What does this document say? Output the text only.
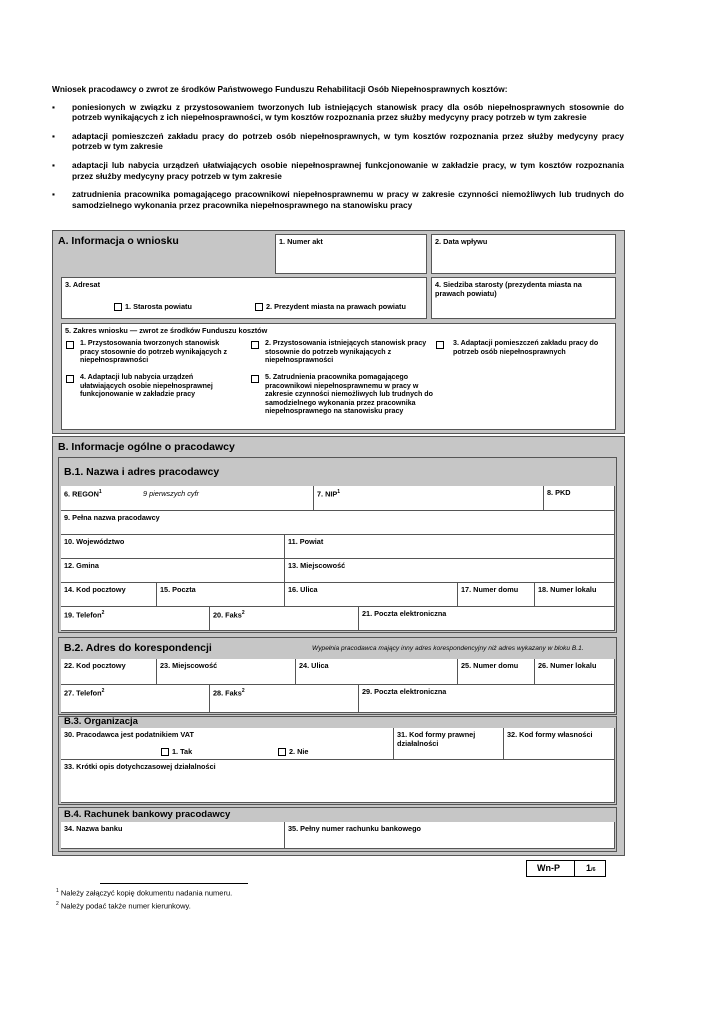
Wniosek pracodawcy o zwrot ze środków Państwowego Funduszu Rehabilitacji Osób Niepełnosprawnych kosztów:
▪ poniesionych w związku z przystosowaniem tworzonych lub istniejących stanowisk pracy dla osób niepełnosprawnych stosownie do potrzeb wynikających z ich niepełnosprawności, w tym kosztów rozpoznania przez służby medycyny pracy potrzeb w tym zakresie
▪ adaptacji pomieszczeń zakładu pracy do potrzeb osób niepełnosprawnych, w tym kosztów rozpoznania przez służby medycyny pracy potrzeb w tym zakresie
▪ adaptacji lub nabycia urządzeń ułatwiających osobie niepełnosprawnej funkcjonowanie w zakładzie pracy, w tym kosztów rozpoznania przez służby medycyny pracy potrzeb w tym zakresie
▪ zatrudnienia pracownika pomagającego pracownikowi niepełnosprawnemu w pracy w zakresie czynności niemożliwych lub trudnych do samodzielnego wykonania przez pracownika niepełnosprawnego na stanowisku pracy
A. Informacja o wniosku	1. Numer akt	2. Data wpływu
3. Adresat
1. Starosta powiatu	2. Prezydent miasta na prawach powiatu
4. Siedziba starosty (prezydenta miasta na prawach powiatu)
5. Zakres wniosku — zwrot ze środków Funduszu kosztów
1. Przystosowania tworzonych stanowisk pracy stosownie do potrzeb wynikających z niepełnosprawności
2. Przystosowania istniejących stanowisk pracy stosownie do potrzeb wynikających z niepełnosprawności
3. Adaptacji pomieszczeń zakładu pracy do potrzeb osób niepełnosprawnych
4. Adaptacji lub nabycia urządzeń ułatwiających osobie niepełnosprawnej funkcjonowanie w zakładzie pracy
5. Zatrudnienia pracownika pomagającego pracownikowi niepełnosprawnemu w pracy w zakresie czynności niemożliwych lub trudnych do samodzielnego wykonania przez pracownika niepełnosprawnego na stanowisku pracy
B. Informacje ogólne o pracodawcy
B.1. Nazwa i adres pracodawcy
6. REGON$^1$	9 pierwszych cyfr	7. NIP$^1$	8. PKD
9. Pełna nazwa pracodawcy
10. Województwo	11. Powiat
12. Gmina	13. Miejscowość
14. Kod pocztowy	15. Poczta	16. Ulica	17. Numer domu	18. Numer lokalu
19. Telefon$^2$	20. Faks$^2$	21. Poczta elektroniczna
B.2. Adres do korespondencji	Wypełnia pracodawca mający inny adres korespondencyjny niż adres wykazany w bloku B.1.
22. Kod pocztowy	23. Miejscowość	24. Ulica	25. Numer domu	26. Numer lokalu
27. Telefon$^2$	28. Faks$^2$	29. Poczta elektroniczna
B.3. Organizacja
30. Pracodawca jest podatnikiem VAT
1. Tak	2. Nie
31. Kod formy prawnej działalności
32. Kod formy własności
33. Krótki opis dotychczasowej działalności
B.4. Rachunek bankowy pracodawcy
34. Nazwa banku	35. Pełny numer rachunku bankowego
Wn-P	1/6
$^1$ Należy załączyć kopię dokumentu nadania numeru.
$^2$ Należy podać także numer kierunkowy.
